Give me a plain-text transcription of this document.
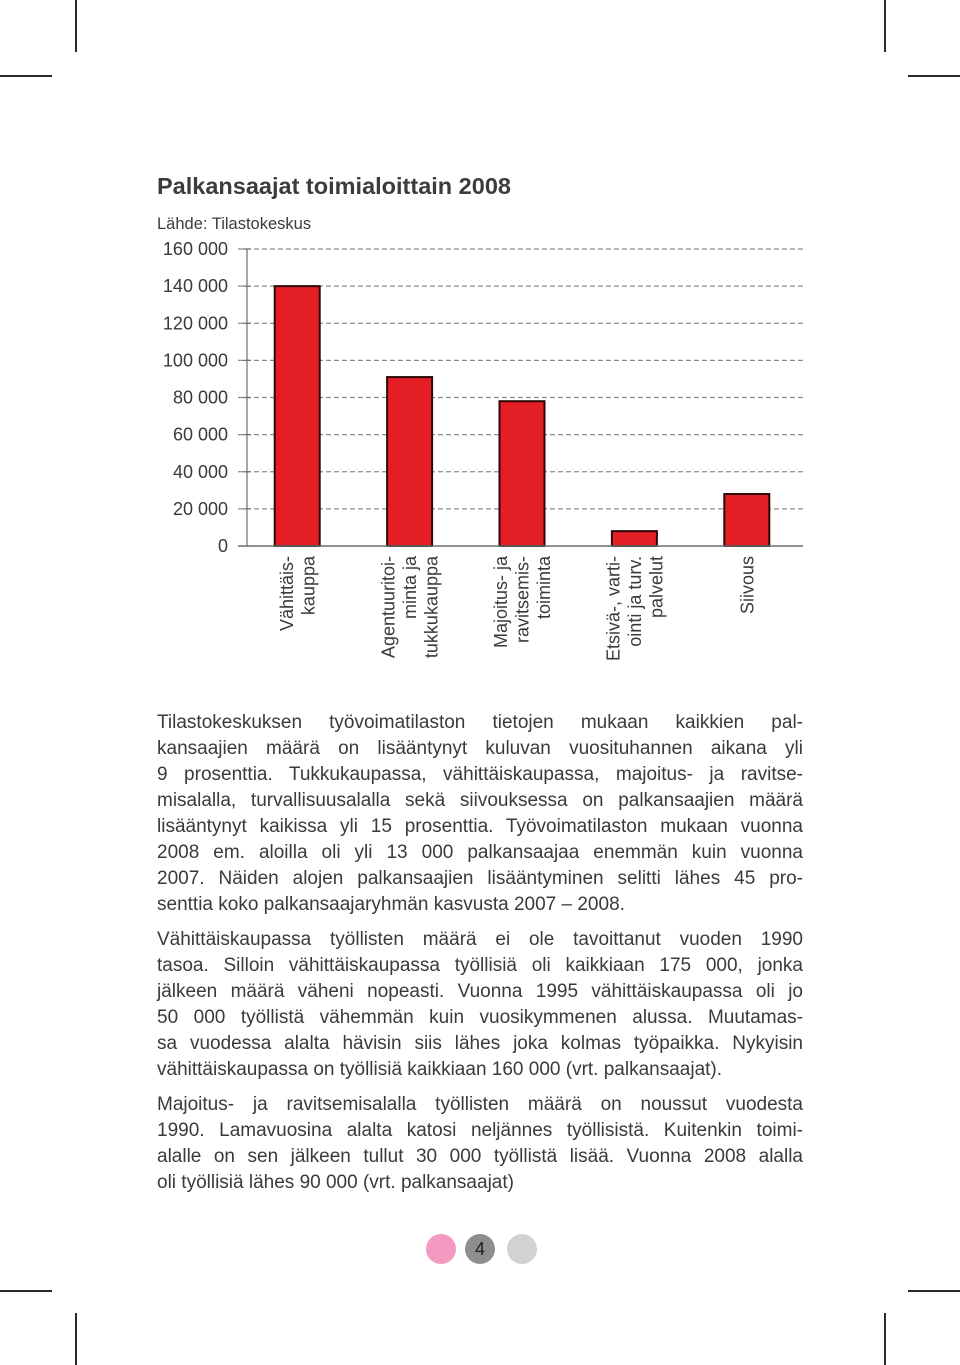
Palkansaajat toimialoittain 2008
Lähde: Tilastokeskus
Vähittäis- kauppa	Agentuuritoi- minta ja tukkukauppa	Majoitus- ja ravitsemis- toiminta	Etsivä-, varti- ointi ja turv. palvelut	Siivous
0
20 000
40 000
60 000
80 000
100 000
120 000
140 000
160 000
Tilastokeskuksen työvoimatilaston tietojen mukaan kaikkien pal-
kansaajien määrä on lisääntynyt kuluvan vuosituhannen aikana yli
9 prosenttia. Tukkukaupassa, vähittäiskaupassa, majoitus- ja ravitse-
misalalla, turvallisuusalalla sekä siivouksessa on palkansaajien määrä
lisääntynyt kaikissa yli 15 prosenttia. Työvoimatilaston mukaan vuonna
2008 em. aloilla oli yli 13 000 palkansaajaa enemmän kuin vuonna
2007. Näiden alojen palkansaajien lisääntyminen selitti lähes 45 pro-
senttia koko palkansaajaryhmän kasvusta 2007 – 2008.
Vähittäiskaupassa työllisten määrä ei ole tavoittanut vuoden 1990
tasoa. Silloin vähittäiskaupassa työllisiä oli kaikkiaan 175 000, jonka
jälkeen määrä väheni nopeasti. Vuonna 1995 vähittäiskaupassa oli jo
50 000 työllistä vähemmän kuin vuosikymmenen alussa. Muutamas-
sa vuodessa alalta hävisin siis lähes joka kolmas työpaikka. Nykyisin
vähittäiskaupassa on työllisiä kaikkiaan 160 000 (vrt. palkansaajat).
Majoitus- ja ravitsemisalalla työllisten määrä on noussut vuodesta
1990. Lamavuosina alalta katosi neljännes työllisistä. Kuitenkin toimi-
alalle on sen jälkeen tullut 30 000 työllistä lisää. Vuonna 2008 alalla
oli työllisiä lähes 90 000 (vrt. palkansaajat)
4
